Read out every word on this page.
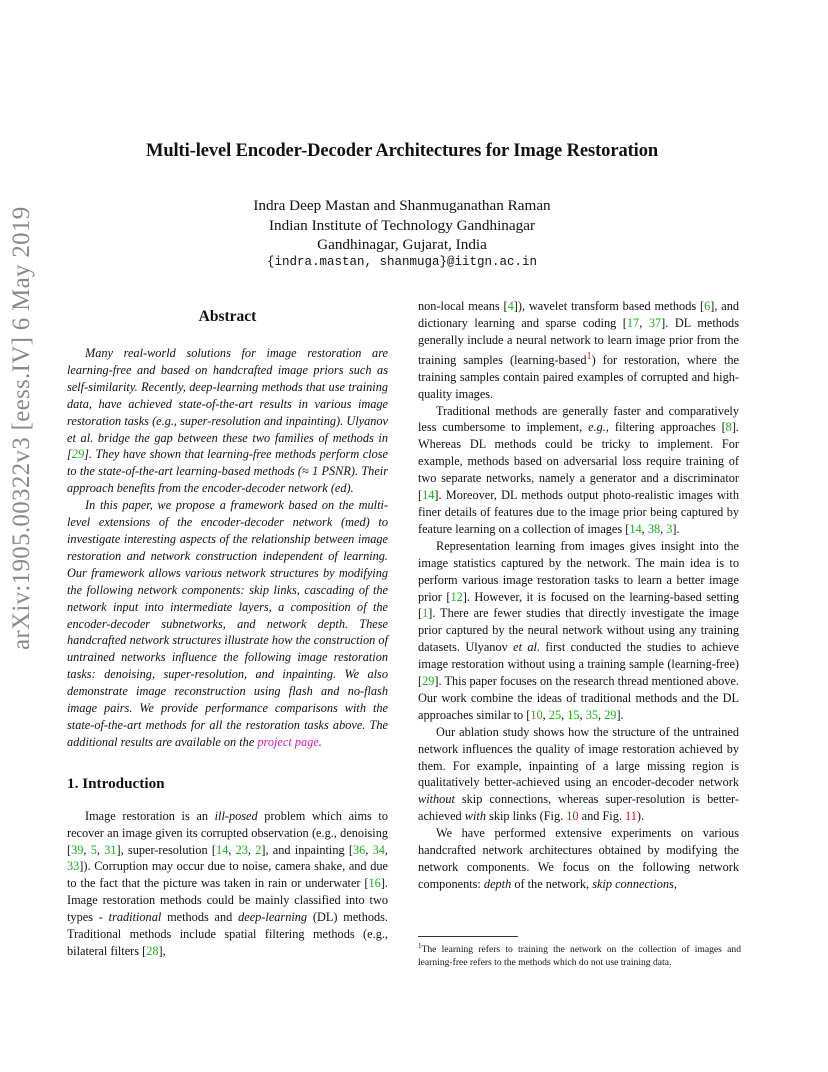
arXiv:1905.00322v3 [eess.IV] 6 May 2019
Multi-level Encoder-Decoder Architectures for Image Restoration
Indra Deep Mastan and Shanmuganathan Raman
Indian Institute of Technology Gandhinagar
Gandhinagar, Gujarat, India
{indra.mastan, shanmuga}@iitgn.ac.in
Abstract

Many real-world solutions for image restoration are learning-free and based on handcrafted image priors such as self-similarity. Recently, deep-learning methods that use training data, have achieved state-of-the-art results in various image restoration tasks (e.g., super-resolution and inpainting). Ulyanov et al. bridge the gap between these two families of methods in [29]. They have shown that learning-free methods perform close to the state-of-the-art learning-based methods (≈ 1 PSNR). Their approach benefits from the encoder-decoder network (ed).

In this paper, we propose a framework based on the multi-level extensions of the encoder-decoder network (med) to investigate interesting aspects of the relationship between image restoration and network construction independent of learning. Our framework allows various network structures by modifying the following network components: skip links, cascading of the network input into intermediate layers, a composition of the encoder-decoder subnetworks, and network depth. These handcrafted network structures illustrate how the construction of untrained networks influence the following image restoration tasks: denoising, super-resolution, and inpainting. We also demonstrate image reconstruction using flash and no-flash image pairs. We provide performance comparisons with the state-of-the-art methods for all the restoration tasks above. The additional results are available on the project page.

1. Introduction

Image restoration is an ill-posed problem which aims to recover an image given its corrupted observation (e.g., denoising [39, 5, 31], super-resolution [14, 23, 2], and inpainting [36, 34, 33]). Corruption may occur due to noise, camera shake, and due to the fact that the picture was taken in rain or underwater [16]. Image restoration methods could be mainly classified into two types - traditional methods and deep-learning (DL) methods. Traditional methods include spatial filtering methods (e.g., bilateral filters [28],

non-local means [4]), wavelet transform based methods [6], and dictionary learning and sparse coding [17, 37]. DL methods generally include a neural network to learn image prior from the training samples (learning-based$^1$) for restoration, where the training samples contain paired examples of corrupted and high-quality images.

Traditional methods are generally faster and comparatively less cumbersome to implement, e.g., filtering approaches [8]. Whereas DL methods could be tricky to implement. For example, methods based on adversarial loss require training of two separate networks, namely a generator and a discriminator [14]. Moreover, DL methods output photo-realistic images with finer details of features due to the image prior being captured by feature learning on a collection of images [14, 38, 3].

Representation learning from images gives insight into the image statistics captured by the network. The main idea is to perform various image restoration tasks to learn a better image prior [12]. However, it is focused on the learning-based setting [1]. There are fewer studies that directly investigate the image prior captured by the neural network without using any training datasets. Ulyanov et al. first conducted the studies to achieve image restoration without using a training sample (learning-free) [29]. This paper focuses on the research thread mentioned above. Our work combine the ideas of traditional methods and the DL approaches similar to [10, 25, 15, 35, 29].

Our ablation study shows how the structure of the untrained network influences the quality of image restoration achieved by them. For example, inpainting of a large missing region is qualitatively better-achieved using an encoder-decoder network without skip connections, whereas super-resolution is better-achieved with skip links (Fig. 10 and Fig. 11).

We have performed extensive experiments on various handcrafted network architectures obtained by modifying the network components. We focus on the following network components: depth of the network, skip connections,

$^1$The learning refers to training the network on the collection of images and learning-free refers to the methods which do not use training data.
